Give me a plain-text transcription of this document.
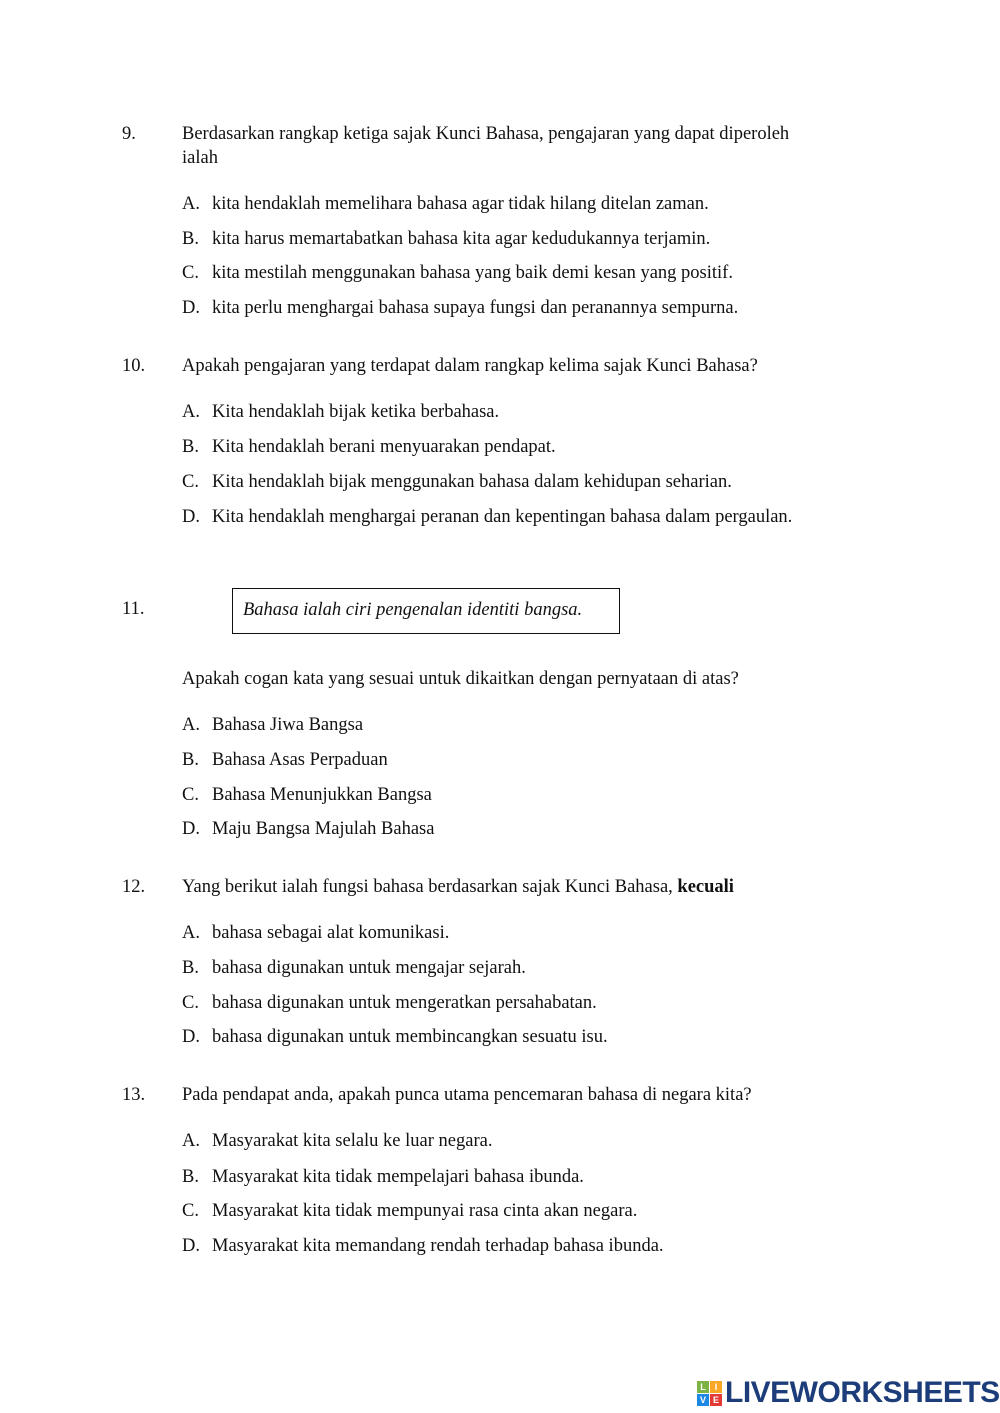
Bahasa ialah ciri pengenalan identiti bangsa.
L I
V E LIVEWORKSHEETS
9. Berdasarkan rangkap ketiga sajak Kunci Bahasa, pengajaran yang dapat diperoleh
ialah
A. kita hendaklah memelihara bahasa agar tidak hilang ditelan zaman.
B. kita harus memartabatkan bahasa kita agar kedudukannya terjamin.
C. kita mestilah menggunakan bahasa yang baik demi kesan yang positif.
D. kita perlu menghargai bahasa supaya fungsi dan peranannya sempurna.
10. Apakah pengajaran yang terdapat dalam rangkap kelima sajak Kunci Bahasa?
A. Kita hendaklah bijak ketika berbahasa.
B. Kita hendaklah berani menyuarakan pendapat.
C. Kita hendaklah bijak menggunakan bahasa dalam kehidupan seharian.
D. Kita hendaklah menghargai peranan dan kepentingan bahasa dalam pergaulan.
11.
Apakah cogan kata yang sesuai untuk dikaitkan dengan pernyataan di atas?
A. Bahasa Jiwa Bangsa
B. Bahasa Asas Perpaduan
C. Bahasa Menunjukkan Bangsa
D. Maju Bangsa Majulah Bahasa
12. Yang berikut ialah fungsi bahasa berdasarkan sajak Kunci Bahasa, kecuali
A. bahasa sebagai alat komunikasi.
B. bahasa digunakan untuk mengajar sejarah.
C. bahasa digunakan untuk mengeratkan persahabatan.
D. bahasa digunakan untuk membincangkan sesuatu isu.
13. Pada pendapat anda, apakah punca utama pencemaran bahasa di negara kita?
A. Masyarakat kita selalu ke luar negara.
B. Masyarakat kita tidak mempelajari bahasa ibunda.
C. Masyarakat kita tidak mempunyai rasa cinta akan negara.
D. Masyarakat kita memandang rendah terhadap bahasa ibunda.
